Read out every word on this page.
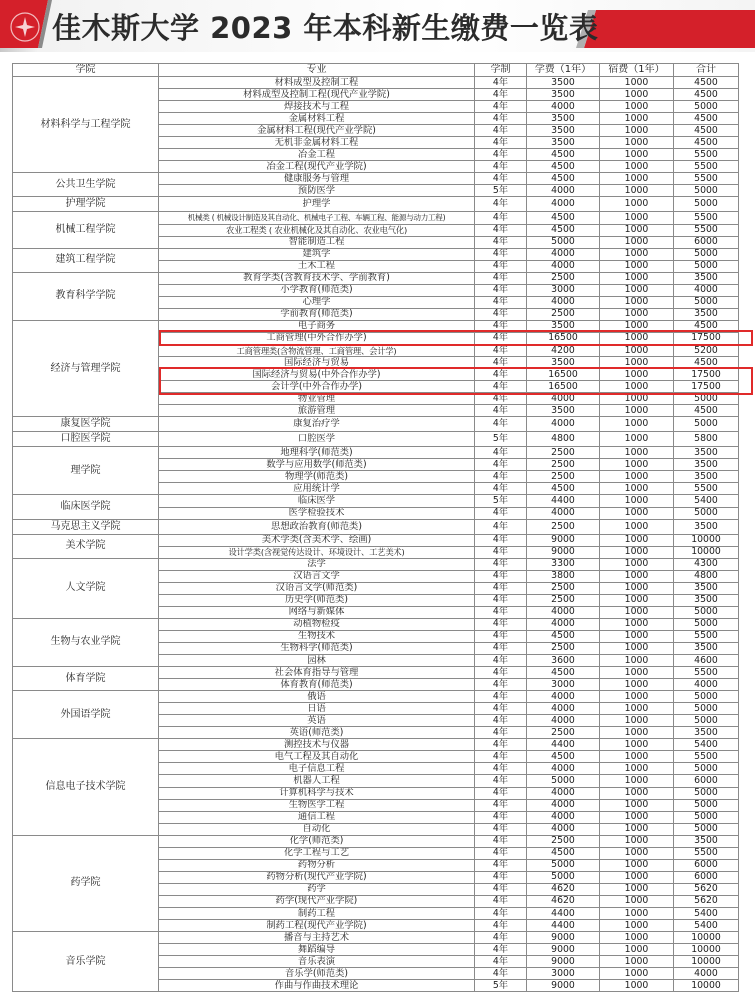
佳木斯大学 2023 年本科新生缴费一览表
学院	专业	学制	学费（1年）	宿费（1年）	合计
材料科学与工程学院	材料成型及控制工程	4年	3500	1000	4500
	材料成型及控制工程(现代产业学院)	4年	3500	1000	4500
	焊接技术与工程	4年	4000	1000	5000
	金属材料工程	4年	3500	1000	4500
	金属材料工程(现代产业学院)	4年	3500	1000	4500
	无机非金属材料工程	4年	3500	1000	4500
	冶金工程	4年	4500	1000	5500
	冶金工程(现代产业学院)	4年	4500	1000	5500
公共卫生学院	健康服务与管理	4年	4500	1000	5500
	预防医学	5年	4000	1000	5000
护理学院	护理学	4年	4000	1000	5000
机械工程学院	机械类 ( 机械设计制造及其自动化、机械电子工程、车辆工程、能源与动力工程)	4年	4500	1000	5500
	农业工程类 ( 农业机械化及其自动化、农业电气化)	4年	4500	1000	5500
	智能制造工程	4年	5000	1000	6000
建筑工程学院	建筑学	4年	4000	1000	5000
	土木工程	4年	4000	1000	5000
教育科学学院	教育学类(含教育技术学、学前教育)	4年	2500	1000	3500
	小学教育(师范类)	4年	3000	1000	4000
	心理学	4年	4000	1000	5000
	学前教育(师范类)	4年	2500	1000	3500
经济与管理学院	电子商务	4年	3500	1000	4500
	工商管理(中外合作办学)	4年	16500	1000	17500
	工商管理类(含物流管理、工商管理、会计学)	4年	4200	1000	5200
	国际经济与贸易	4年	3500	1000	4500
	国际经济与贸易(中外合作办学)	4年	16500	1000	17500
	会计学(中外合作办学)	4年	16500	1000	17500
	物业管理	4年	4000	1000	5000
	旅游管理	4年	3500	1000	4500
康复医学院	康复治疗学	4年	4000	1000	5000
口腔医学院	口腔医学	5年	4800	1000	5800
理学院	地理科学(师范类)	4年	2500	1000	3500
	数学与应用数学(师范类)	4年	2500	1000	3500
	物理学(师范类)	4年	2500	1000	3500
	应用统计学	4年	4500	1000	5500
临床医学院	临床医学	5年	4400	1000	5400
	医学检验技术	4年	4000	1000	5000
马克思主义学院	思想政治教育(师范类)	4年	2500	1000	3500
美术学院	美术学类(含美术学、绘画)	4年	9000	1000	10000
	设计学类(含视觉传达设计、环境设计、工艺美术)	4年	9000	1000	10000
人文学院	法学	4年	3300	1000	4300
	汉语言文学	4年	3800	1000	4800
	汉语言文学(师范类)	4年	2500	1000	3500
	历史学(师范类)	4年	2500	1000	3500
	网络与新媒体	4年	4000	1000	5000
生物与农业学院	动植物检疫	4年	4000	1000	5000
	生物技术	4年	4500	1000	5500
	生物科学(师范类)	4年	2500	1000	3500
	园林	4年	3600	1000	4600
体育学院	社会体育指导与管理	4年	4500	1000	5500
	体育教育(师范类)	4年	3000	1000	4000
外国语学院	俄语	4年	4000	1000	5000
	日语	4年	4000	1000	5000
	英语	4年	4000	1000	5000
	英语(师范类)	4年	2500	1000	3500
信息电子技术学院	测控技术与仪器	4年	4400	1000	5400
	电气工程及其自动化	4年	4500	1000	5500
	电子信息工程	4年	4000	1000	5000
	机器人工程	4年	5000	1000	6000
	计算机科学与技术	4年	4000	1000	5000
	生物医学工程	4年	4000	1000	5000
	通信工程	4年	4000	1000	5000
	自动化	4年	4000	1000	5000
药学院	化学(师范类)	4年	2500	1000	3500
	化学工程与工艺	4年	4500	1000	5500
	药物分析	4年	5000	1000	6000
	药物分析(现代产业学院)	4年	5000	1000	6000
	药学	4年	4620	1000	5620
	药学(现代产业学院)	4年	4620	1000	5620
	制药工程	4年	4400	1000	5400
	制药工程(现代产业学院)	4年	4400	1000	5400
音乐学院	播音与主持艺术	4年	9000	1000	10000
	舞蹈编导	4年	9000	1000	10000
	音乐表演	4年	9000	1000	10000
	音乐学(师范类)	4年	3000	1000	4000
	作曲与作曲技术理论	5年	9000	1000	10000
